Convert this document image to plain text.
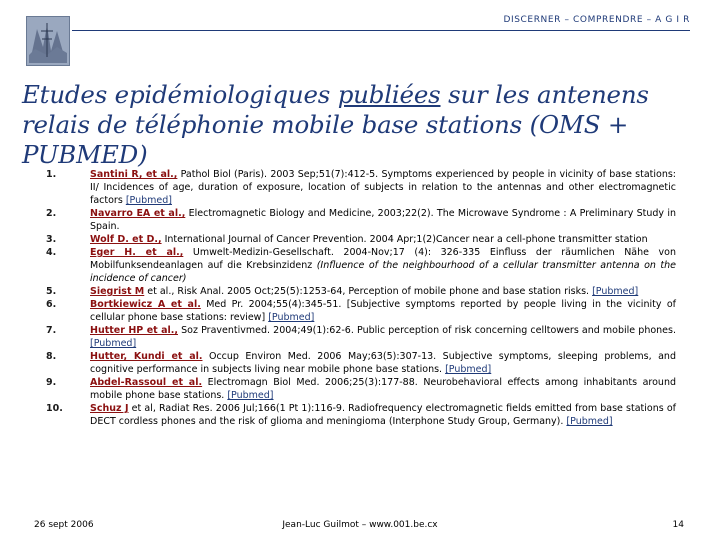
DISCERNER – COMPRENDRE – A G I R
Etudes epidémiologiques publiées sur les antenens relais de téléphonie mobile base stations (OMS + PUBMED)
1.	Santini R, et al., Pathol Biol (Paris). 2003 Sep;51(7):412-5. Symptoms experienced by people in vicinity of base stations: II/ Incidences of age, duration of exposure, location of subjects in relation to the antennas and other electromagnetic factors [Pubmed]
2.	Navarro EA et al., Electromagnetic Biology and Medicine, 2003;22(2). The Microwave Syndrome : A Preliminary Study in Spain.
3.	Wolf D. et D., International Journal of Cancer Prevention. 2004 Apr;1(2)Cancer near a cell-phone transmitter station
4.	Eger H. et al., Umwelt-Medizin-Gesellschaft. 2004-Nov;17 (4): 326-335 Einfluss der räumlichen Nähe von Mobilfunksendeanlagen auf die Krebsinzidenz (Influence of the neighbourhood of a cellular transmitter antenna on the incidence of cancer)
5.	Siegrist M et al., Risk Anal. 2005 Oct;25(5):1253-64, Perception of mobile phone and base station risks. [Pubmed]
6.	Bortkiewicz A et al. Med Pr. 2004;55(4):345-51. [Subjective symptoms reported by people living in the vicinity of cellular phone base stations: review] [Pubmed]
7.	Hutter HP et al., Soz Praventivmed. 2004;49(1):62-6. Public perception of risk concerning celltowers and mobile phones. [Pubmed]
8.	Hutter, Kundi et al. Occup Environ Med. 2006 May;63(5):307-13. Subjective symptoms, sleeping problems, and cognitive performance in subjects living near mobile phone base stations. [Pubmed]
9.	Abdel-Rassoul et al. Electromagn Biol Med. 2006;25(3):177-88. Neurobehavioral effects among inhabitants around mobile phone base stations. [Pubmed]
10.	Schuz J et al, Radiat Res. 2006 Jul;166(1 Pt 1):116-9. Radiofrequency electromagnetic fields emitted from base stations of DECT cordless phones and the risk of glioma and meningioma (Interphone Study Group, Germany). [Pubmed]
26 sept 2006	Jean-Luc Guilmot – www.001.be.cx	14
